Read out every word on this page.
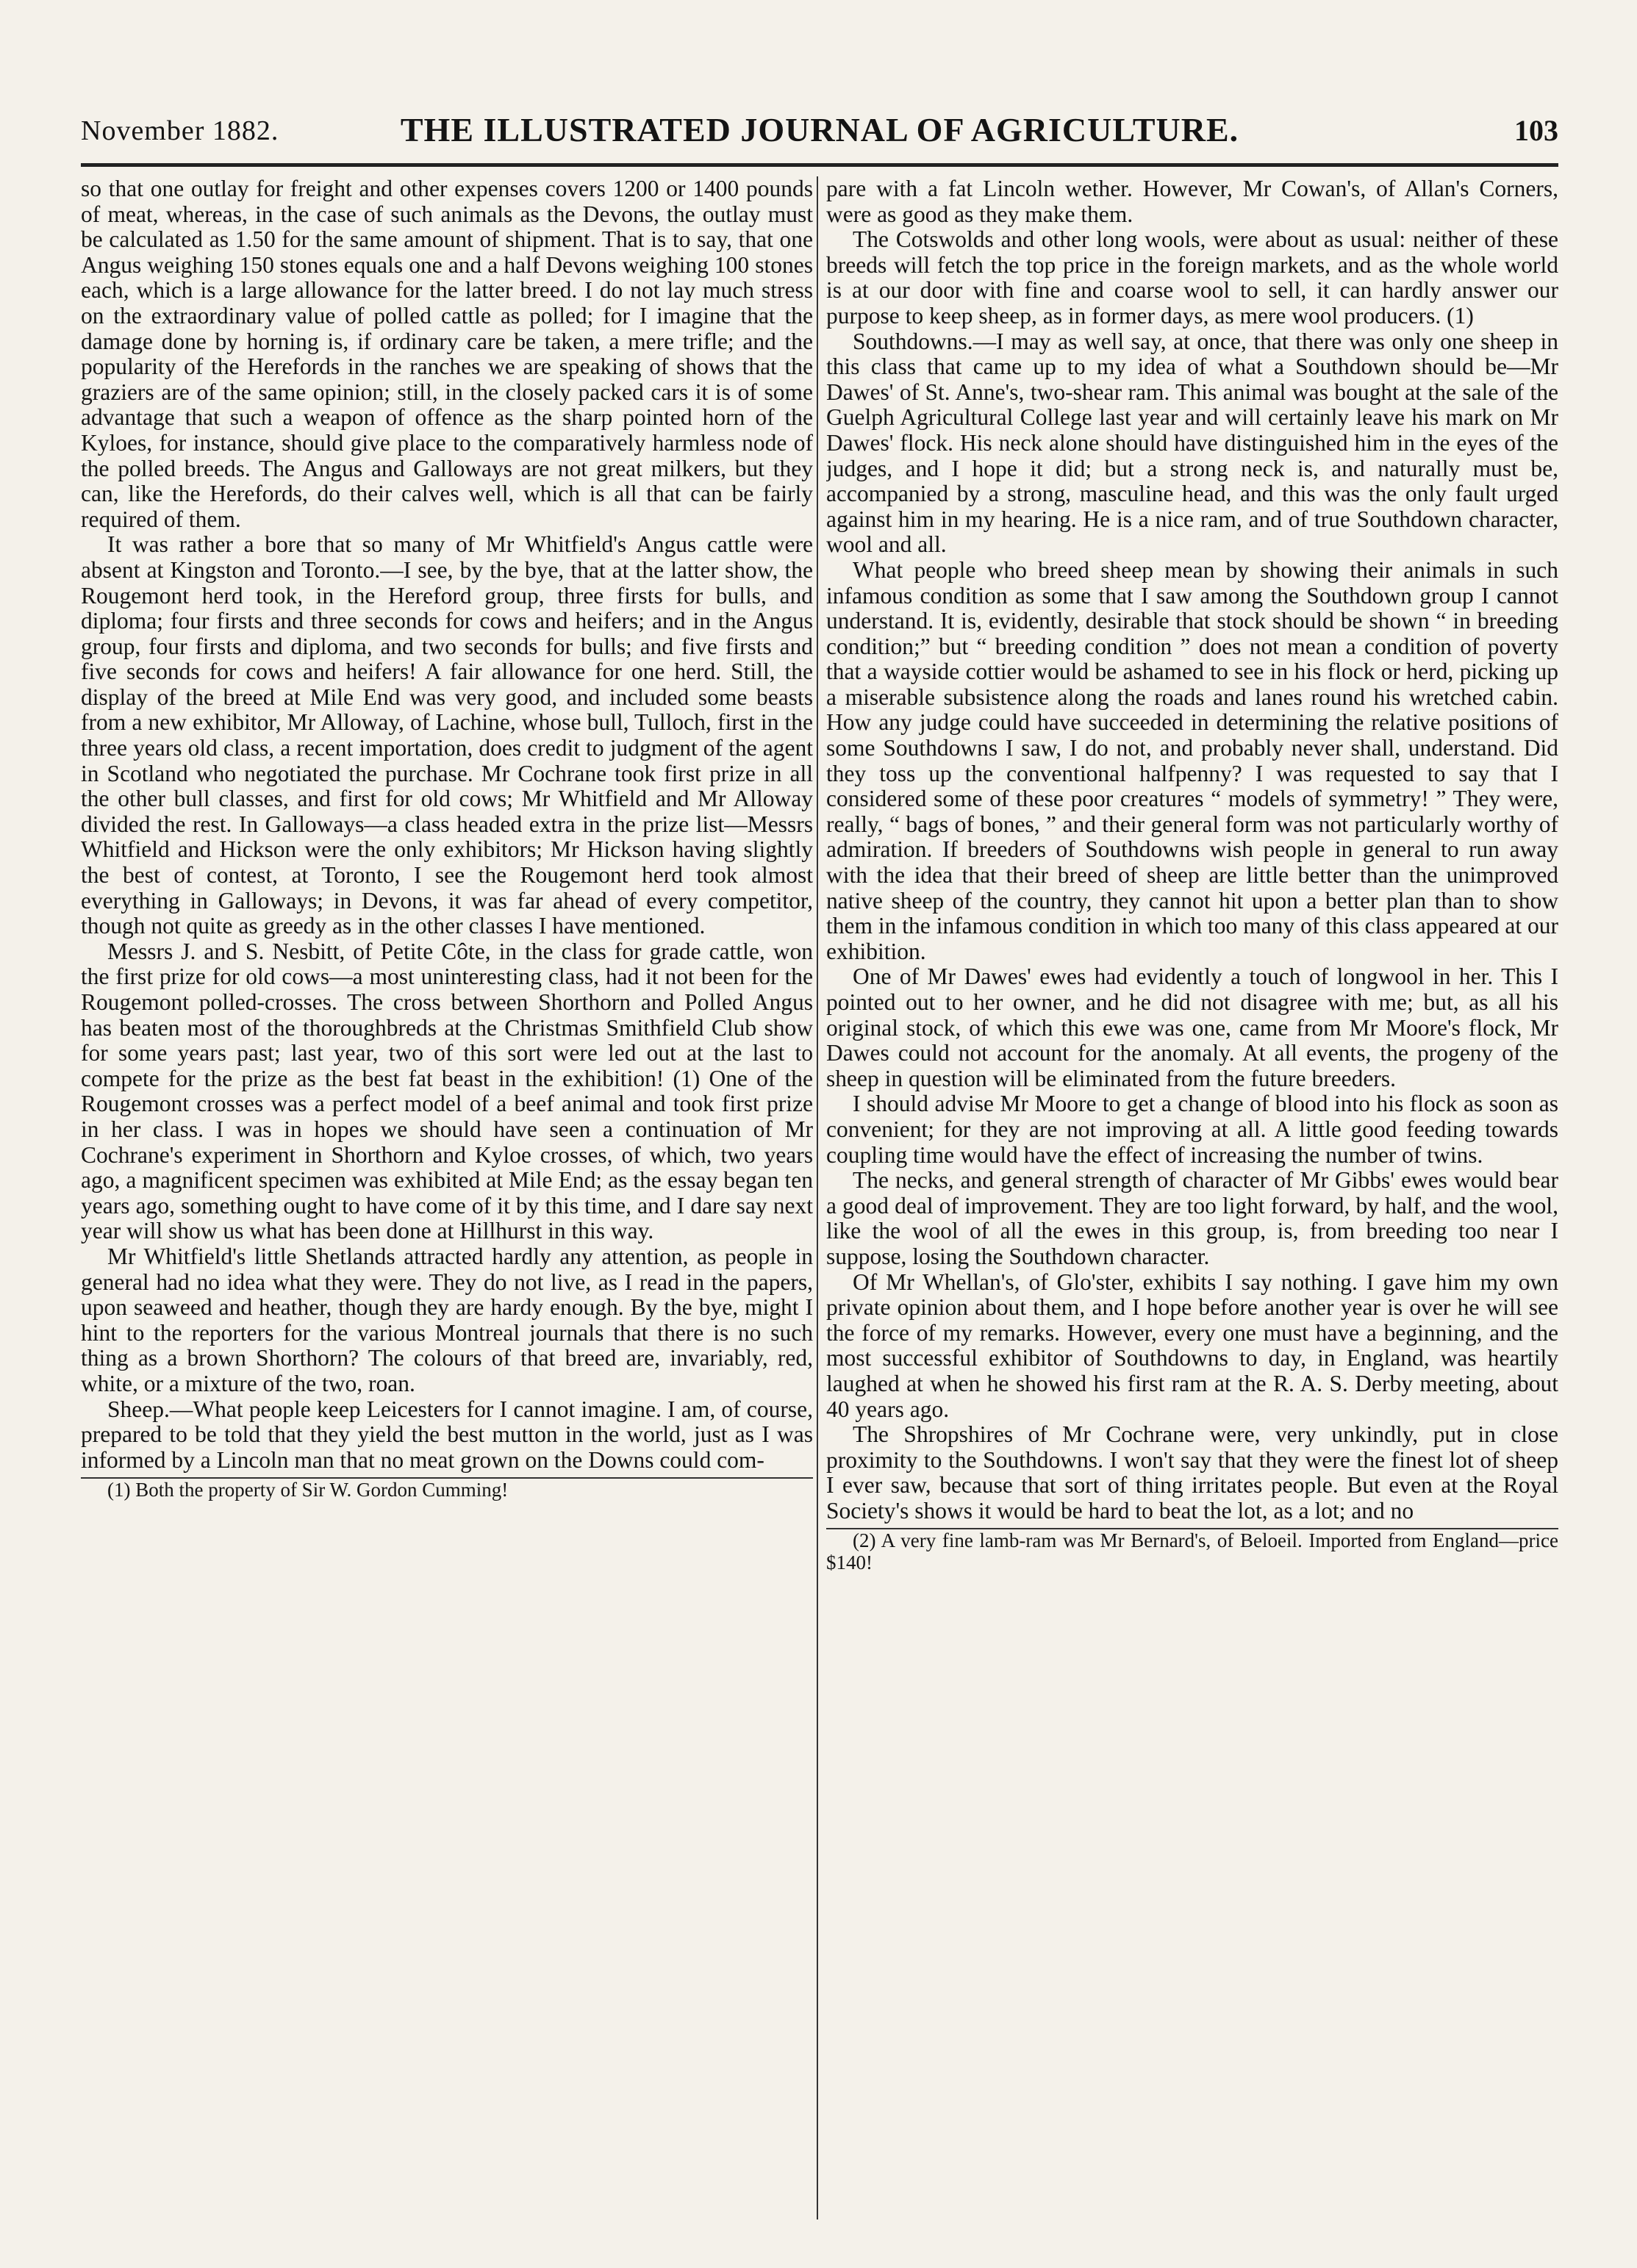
November 1882.	THE ILLUSTRATED JOURNAL OF AGRICULTURE.	103

so that one outlay for freight and other expenses covers 1200 or 1400 pounds of meat, whereas, in the case of such animals as the Devons, the outlay must be calculated as 1.50 for the same amount of shipment. That is to say, that one Angus weighing 150 stones equals one and a half Devons weighing 100 stones each, which is a large allowance for the latter breed. I do not lay much stress on the extraordinary value of polled cattle as polled; for I imagine that the damage done by horning is, if ordinary care be taken, a mere trifle; and the popularity of the Herefords in the ranches we are speaking of shows that the graziers are of the same opinion; still, in the closely packed cars it is of some advantage that such a weapon of offence as the sharp pointed horn of the Kyloes, for instance, should give place to the comparatively harmless node of the polled breeds. The Angus and Galloways are not great milkers, but they can, like the Herefords, do their calves well, which is all that can be fairly required of them.

It was rather a bore that so many of Mr Whitfield's Angus cattle were absent at Kingston and Toronto.—I see, by the bye, that at the latter show, the Rougemont herd took, in the Hereford group, three firsts for bulls, and diploma; four firsts and three seconds for cows and heifers; and in the Angus group, four firsts and diploma, and two seconds for bulls; and five firsts and five seconds for cows and heifers! A fair allowance for one herd. Still, the display of the breed at Mile End was very good, and included some beasts from a new exhibitor, Mr Alloway, of Lachine, whose bull, Tulloch, first in the three years old class, a recent importation, does credit to judgment of the agent in Scotland who negotiated the purchase. Mr Cochrane took first prize in all the other bull classes, and first for old cows; Mr Whitfield and Mr Alloway divided the rest. In Galloways—a class headed extra in the prize list—Messrs Whitfield and Hickson were the only exhibitors; Mr Hickson having slightly the best of contest, at Toronto, I see the Rougemont herd took almost everything in Galloways; in Devons, it was far ahead of every competitor, though not quite as greedy as in the other classes I have mentioned.

Messrs J. and S. Nesbitt, of Petite Côte, in the class for grade cattle, won the first prize for old cows—a most uninteresting class, had it not been for the Rougemont polled-crosses. The cross between Shorthorn and Polled Angus has beaten most of the thoroughbreds at the Christmas Smithfield Club show for some years past; last year, two of this sort were led out at the last to compete for the prize as the best fat beast in the exhibition! (1) One of the Rougemont crosses was a perfect model of a beef animal and took first prize in her class. I was in hopes we should have seen a continuation of Mr Cochrane's experiment in Shorthorn and Kyloe crosses, of which, two years ago, a magnificent specimen was exhibited at Mile End; as the essay began ten years ago, something ought to have come of it by this time, and I dare say next year will show us what has been done at Hillhurst in this way.

Mr Whitfield's little Shetlands attracted hardly any attention, as people in general had no idea what they were. They do not live, as I read in the papers, upon seaweed and heather, though they are hardy enough. By the bye, might I hint to the reporters for the various Montreal journals that there is no such thing as a brown Shorthorn? The colours of that breed are, invariably, red, white, or a mixture of the two, roan.

Sheep.—What people keep Leicesters for I cannot imagine. I am, of course, prepared to be told that they yield the best mutton in the world, just as I was informed by a Lincoln man that no meat grown on the Downs could com-

(1) Both the property of Sir W. Gordon Cumming!

pare with a fat Lincoln wether. However, Mr Cowan's, of Allan's Corners, were as good as they make them.

The Cotswolds and other long wools, were about as usual: neither of these breeds will fetch the top price in the foreign markets, and as the whole world is at our door with fine and coarse wool to sell, it can hardly answer our purpose to keep sheep, as in former days, as mere wool producers. (1)

Southdowns.—I may as well say, at once, that there was only one sheep in this class that came up to my idea of what a Southdown should be—Mr Dawes' of St. Anne's, two-shear ram. This animal was bought at the sale of the Guelph Agricultural College last year and will certainly leave his mark on Mr Dawes' flock. His neck alone should have distinguished him in the eyes of the judges, and I hope it did; but a strong neck is, and naturally must be, accompanied by a strong, masculine head, and this was the only fault urged against him in my hearing. He is a nice ram, and of true Southdown character, wool and all.

What people who breed sheep mean by showing their animals in such infamous condition as some that I saw among the Southdown group I cannot understand. It is, evidently, desirable that stock should be shown “ in breeding condition;” but “ breeding condition ” does not mean a condition of poverty that a wayside cottier would be ashamed to see in his flock or herd, picking up a miserable subsistence along the roads and lanes round his wretched cabin. How any judge could have succeeded in determining the relative positions of some Southdowns I saw, I do not, and probably never shall, understand. Did they toss up the conventional halfpenny? I was requested to say that I considered some of these poor creatures “ models of symmetry! ” They were, really, “ bags of bones, ” and their general form was not particularly worthy of admiration. If breeders of Southdowns wish people in general to run away with the idea that their breed of sheep are little better than the unimproved native sheep of the country, they cannot hit upon a better plan than to show them in the infamous condition in which too many of this class appeared at our exhibition.

One of Mr Dawes' ewes had evidently a touch of longwool in her. This I pointed out to her owner, and he did not disagree with me; but, as all his original stock, of which this ewe was one, came from Mr Moore's flock, Mr Dawes could not account for the anomaly. At all events, the progeny of the sheep in question will be eliminated from the future breeders.

I should advise Mr Moore to get a change of blood into his flock as soon as convenient; for they are not improving at all. A little good feeding towards coupling time would have the effect of increasing the number of twins.

The necks, and general strength of character of Mr Gibbs' ewes would bear a good deal of improvement. They are too light forward, by half, and the wool, like the wool of all the ewes in this group, is, from breeding too near I suppose, losing the Southdown character.

Of Mr Whellan's, of Glo'ster, exhibits I say nothing. I gave him my own private opinion about them, and I hope before another year is over he will see the force of my remarks. However, every one must have a beginning, and the most successful exhibitor of Southdowns to day, in England, was heartily laughed at when he showed his first ram at the R. A. S. Derby meeting, about 40 years ago.

The Shropshires of Mr Cochrane were, very unkindly, put in close proximity to the Southdowns. I won't say that they were the finest lot of sheep I ever saw, because that sort of thing irritates people. But even at the Royal Society's shows it would be hard to beat the lot, as a lot; and no

(2) A very fine lamb-ram was Mr Bernard's, of Beloeil. Imported from England—price $140!
